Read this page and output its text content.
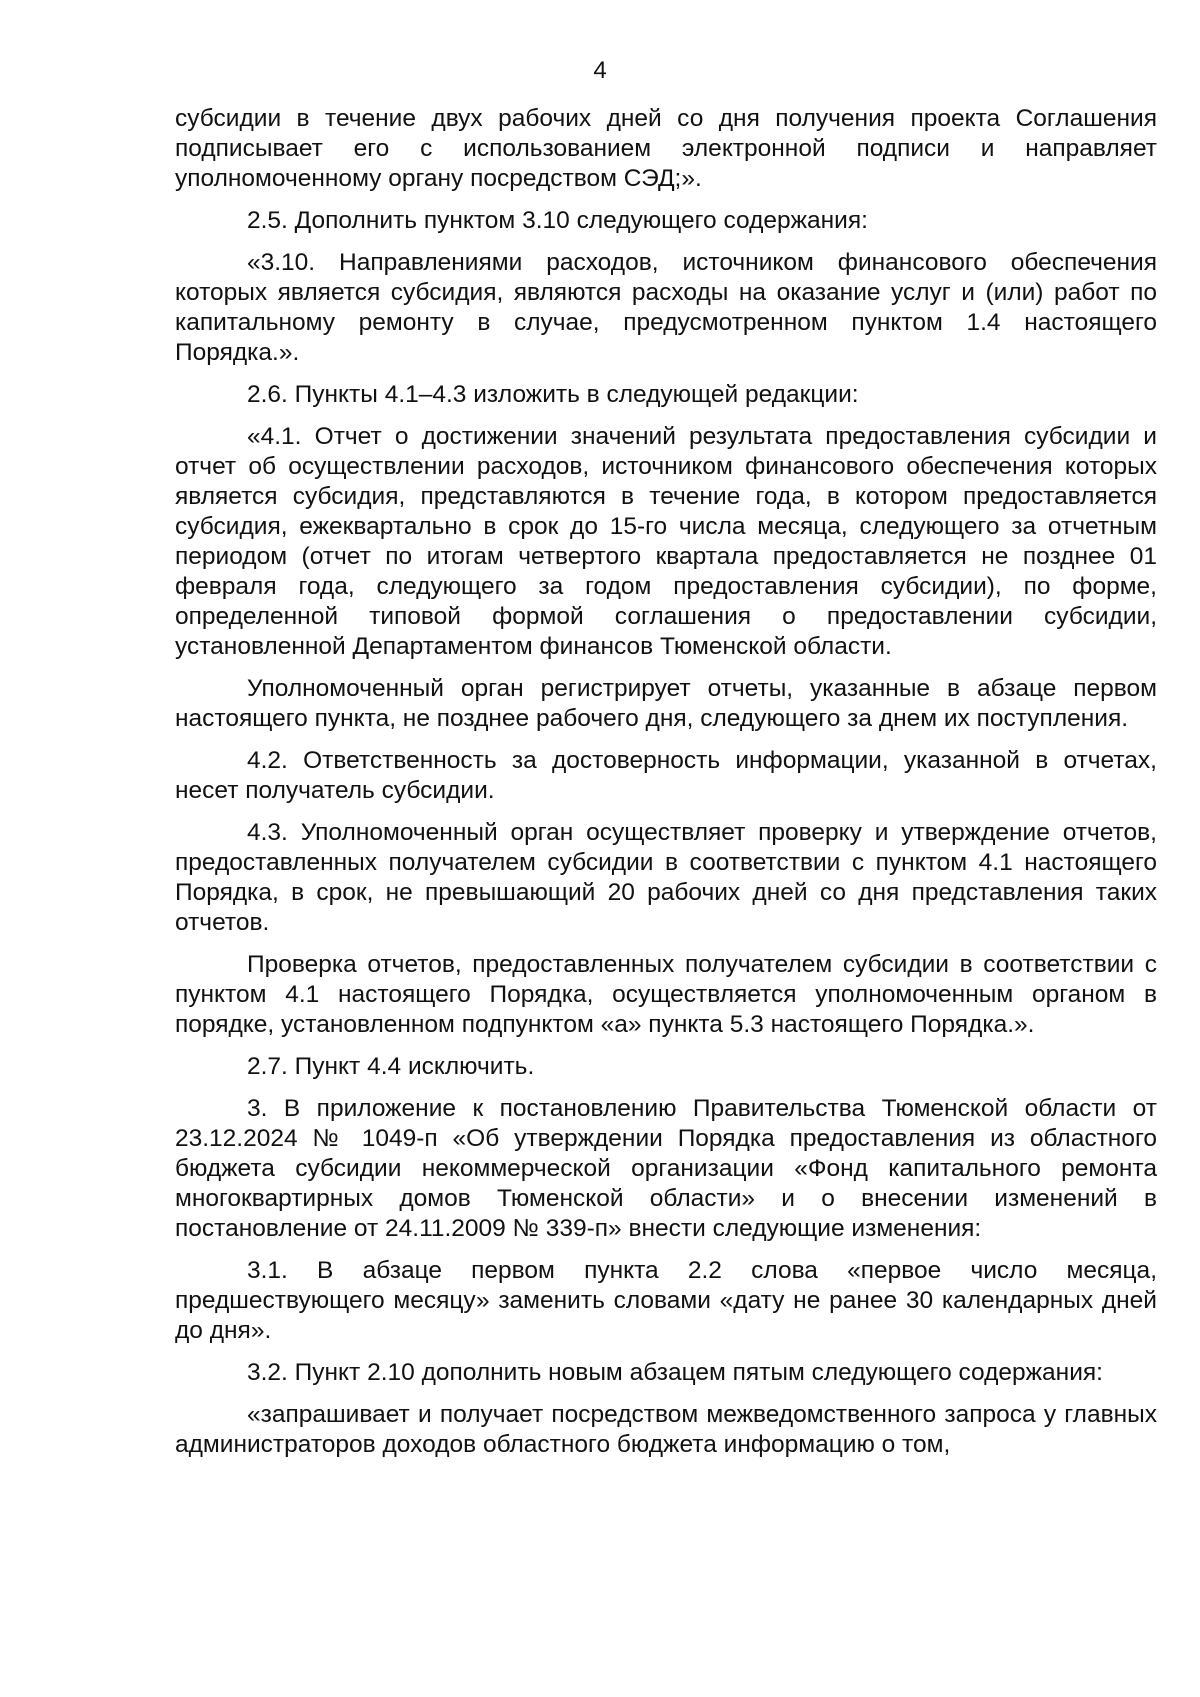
4

субсидии в течение двух рабочих дней со дня получения проекта Соглашения подписывает его с использованием электронной подписи и направляет уполномоченному органу посредством СЭД;».

2.5. Дополнить пунктом 3.10 следующего содержания:

«3.10. Направлениями расходов, источником финансового обеспечения которых является субсидия, являются расходы на оказание услуг и (или) работ по капитальному ремонту в случае, предусмотренном пунктом 1.4 настоящего Порядка.».

2.6. Пункты 4.1–4.3 изложить в следующей редакции:

«4.1. Отчет о достижении значений результата предоставления субсидии и отчет об осуществлении расходов, источником финансового обеспечения которых является субсидия, представляются в течение года, в котором предоставляется субсидия, ежеквартально в срок до 15-го числа месяца, следующего за отчетным периодом (отчет по итогам четвертого квартала предоставляется не позднее 01 февраля года, следующего за годом предоставления субсидии), по форме, определенной типовой формой соглашения о предоставлении субсидии, установленной Департаментом финансов Тюменской области.

Уполномоченный орган регистрирует отчеты, указанные в абзаце первом настоящего пункта, не позднее рабочего дня, следующего за днем их поступления.

4.2. Ответственность за достоверность информации, указанной в отчетах, несет получатель субсидии.

4.3. Уполномоченный орган осуществляет проверку и утверждение отчетов, предоставленных получателем субсидии в соответствии с пунктом 4.1 настоящего Порядка, в срок, не превышающий 20 рабочих дней со дня представления таких отчетов.

Проверка отчетов, предоставленных получателем субсидии в соответствии с пунктом 4.1 настоящего Порядка, осуществляется уполномоченным органом в порядке, установленном подпунктом «а» пункта 5.3 настоящего Порядка.».

2.7. Пункт 4.4 исключить.

3. В приложение к постановлению Правительства Тюменской области от 23.12.2024 № 1049-п «Об утверждении Порядка предоставления из областного бюджета субсидии некоммерческой организации «Фонд капитального ремонта многоквартирных домов Тюменской области» и о внесении изменений в постановление от 24.11.2009 № 339-п» внести следующие изменения:

3.1. В абзаце первом пункта 2.2 слова «первое число месяца, предшествующего месяцу» заменить словами «дату не ранее 30 календарных дней до дня».

3.2. Пункт 2.10 дополнить новым абзацем пятым следующего содержания:

«запрашивает и получает посредством межведомственного запроса у главных администраторов доходов областного бюджета информацию о том,
